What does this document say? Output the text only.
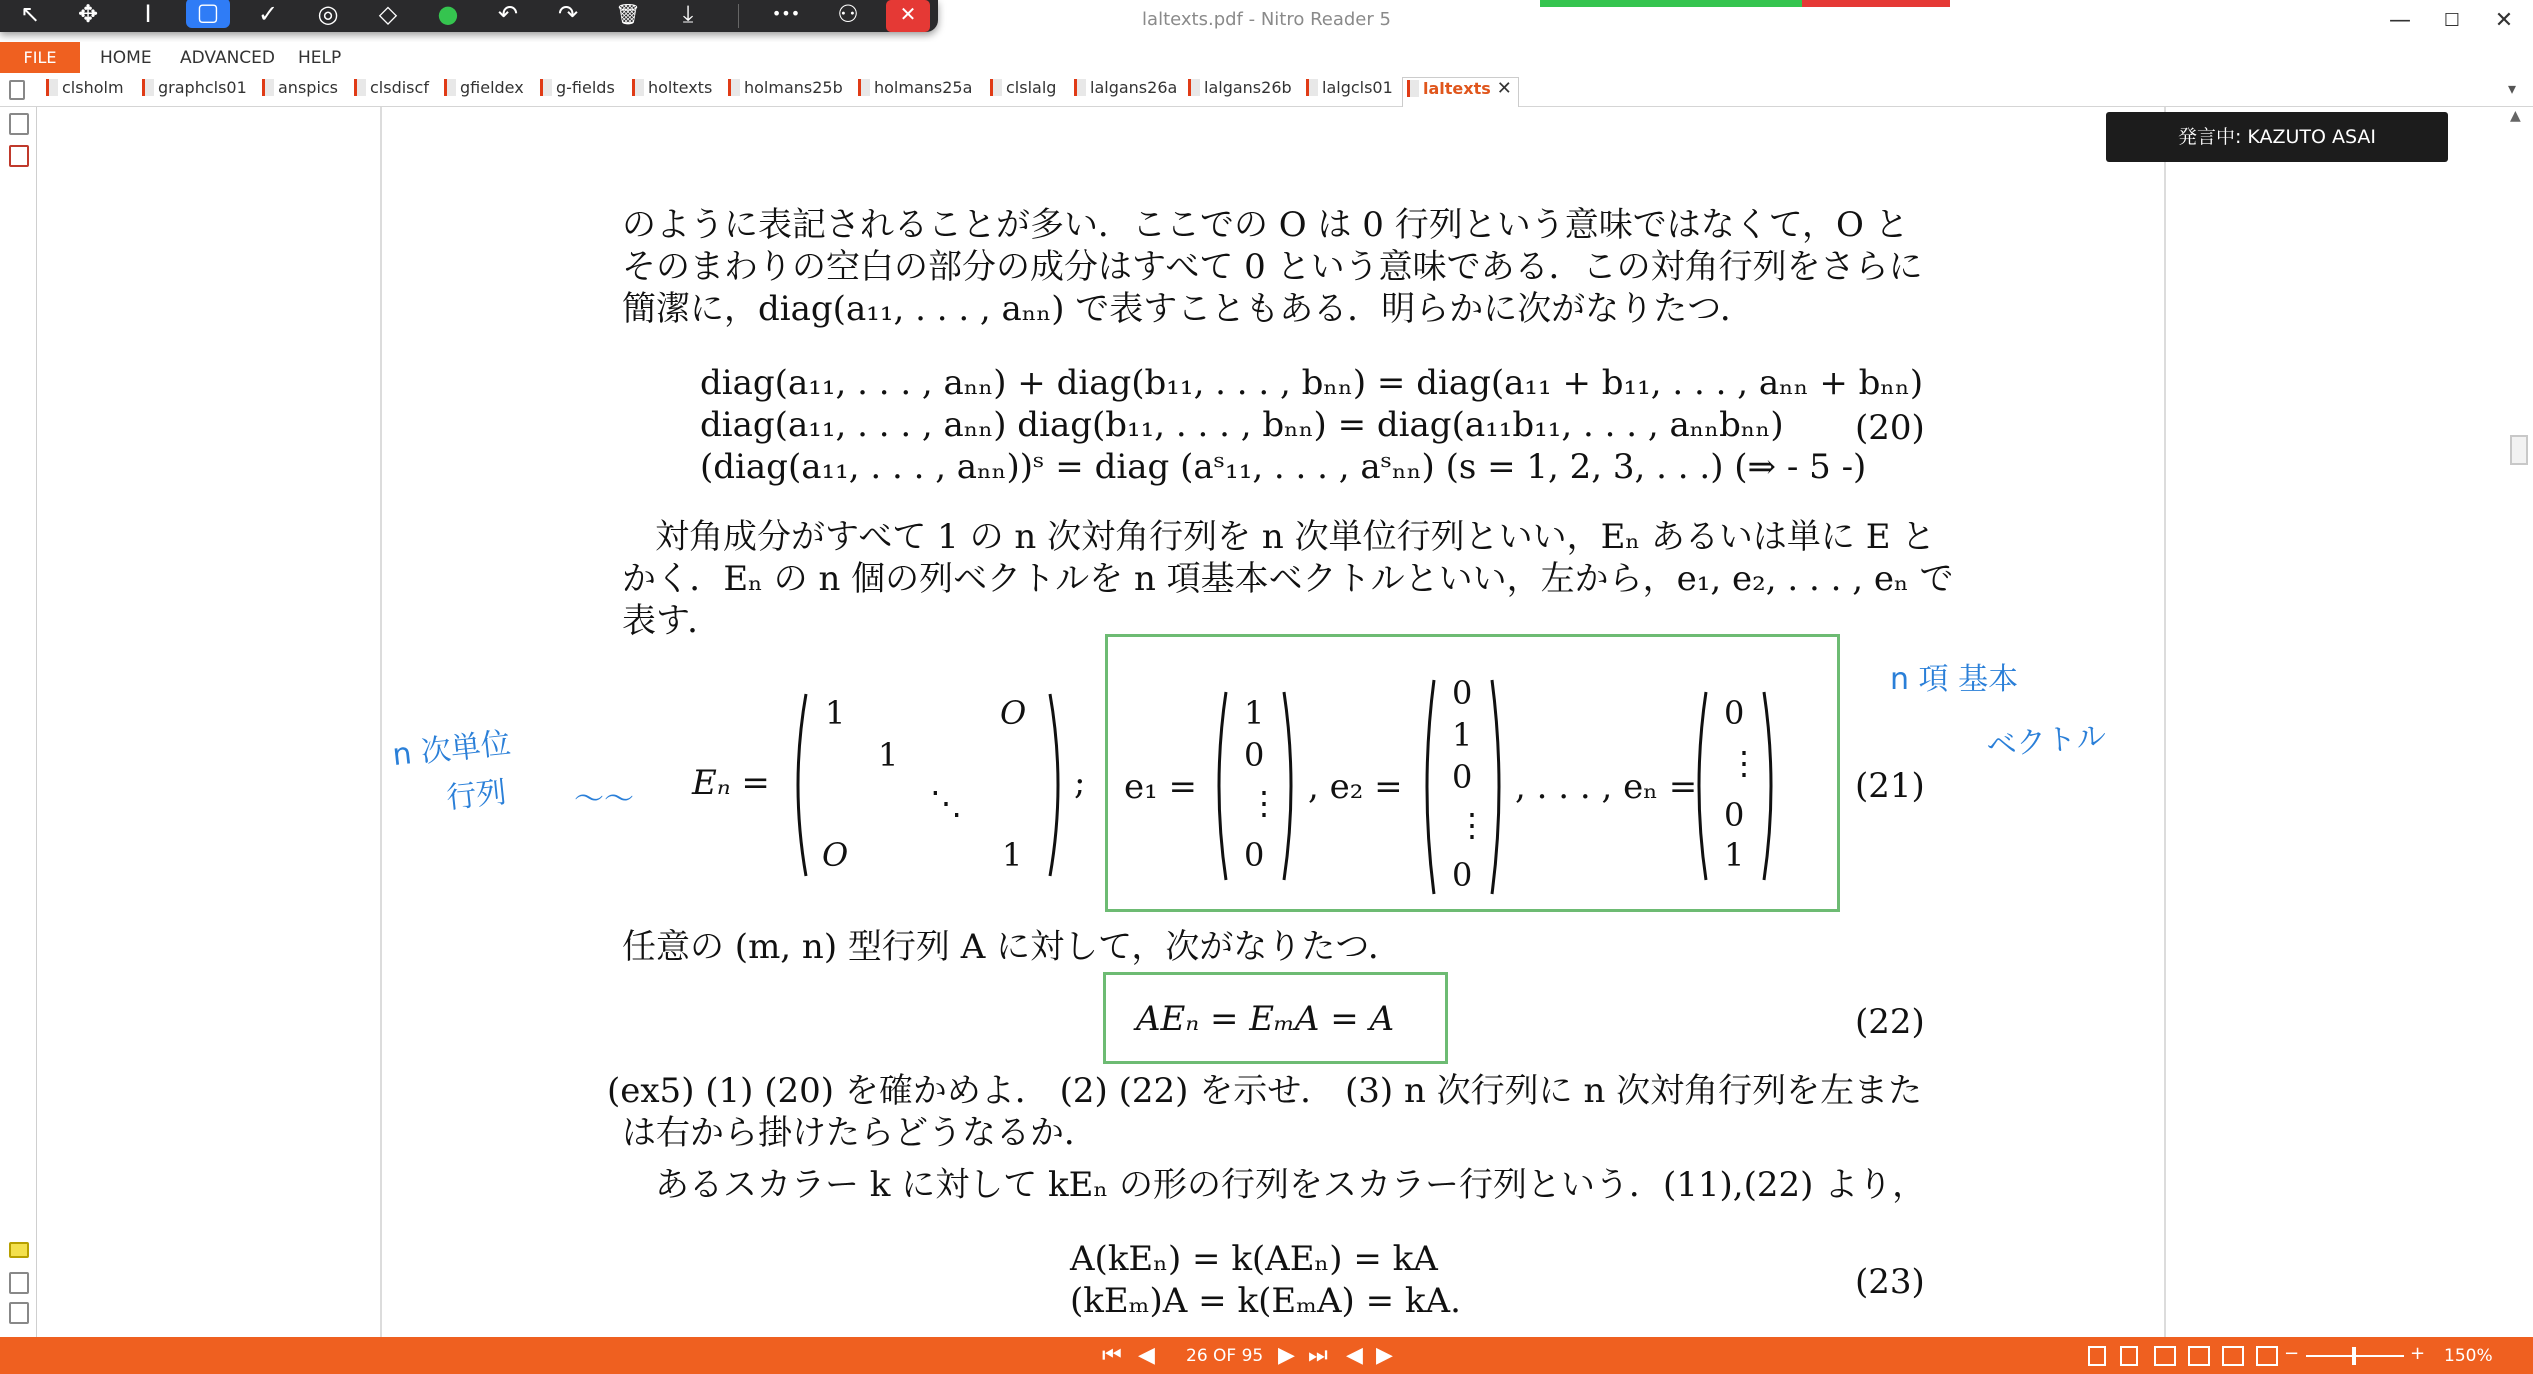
laltexts.pdf - Nitro Reader 5	—	☐	✕
↖	✥	I	▢	✓	◎	◇	●	↶	↷	🗑	⤓	•••	⚇	✕
HOME ADVANCED HELP
FILE
clsholm	graphcls01	anspics	clsdiscf	gfieldex	g-fields	holtexts	holmans25b	holmans25a	clslalg	lalgans26a	lalgans26b	lalgcls01	laltexts ✕	▾
▲
のように表記されることが多い．ここでの O は 0 行列という意味ではなくて，O と
そのまわりの空白の部分の成分はすべて 0 という意味である．この対角行列をさらに
簡潔に，diag(a₁₁, . . . , aₙₙ) で表すこともある．明らかに次がなりたつ．
diag(a₁₁, . . . , aₙₙ) + diag(b₁₁, . . . , bₙₙ) = diag(a₁₁ + b₁₁, . . . , aₙₙ + bₙₙ)
diag(a₁₁, . . . , aₙₙ) diag(b₁₁, . . . , bₙₙ) = diag(a₁₁b₁₁, . . . , aₙₙbₙₙ)
(diag(a₁₁, . . . , aₙₙ))ˢ = diag (aˢ₁₁, . . . , aˢₙₙ) (s = 1, 2, 3, . . .) (⇒ - 5 -)
(20)
対角成分がすべて 1 の n 次対角行列を n 次単位行列といい，Eₙ あるいは単に E と
かく．Eₙ の n 個の列ベクトルを n 項基本ベクトルといい，左から，e₁, e₂, . . . , eₙ で
表す．
Eₙ =
1	O
1
⋱
O	1
; e₁ =
1
0
⋮
0
, e₂ =
0
1
0
⋮
0
, . . . , eₙ =
0
⋮
0
1
(21)
任意の (m, n) 型行列 A に対して，次がなりたつ．
AEₙ = EₘA = A	(22)
(ex5) (1) (20) を確かめよ． (2) (22) を示せ． (3) n 次行列に n 次対角行列を左また
は右から掛けたらどうなるか．
あるスカラー k に対して kEₙ の形の行列をスカラー行列という．(11),(22) より，
A(kEₙ) = k(AEₙ) = kA
(kEₘ)A = k(EₘA) = kA.	(23)
n 次単位
行列 〜〜
n 項 基本
ベクトル
発言中: KAZUTO ASAI
⏮ ◀ 26 OF 95 ▶ ⏭ ◀ ▶	−	+ 150%
